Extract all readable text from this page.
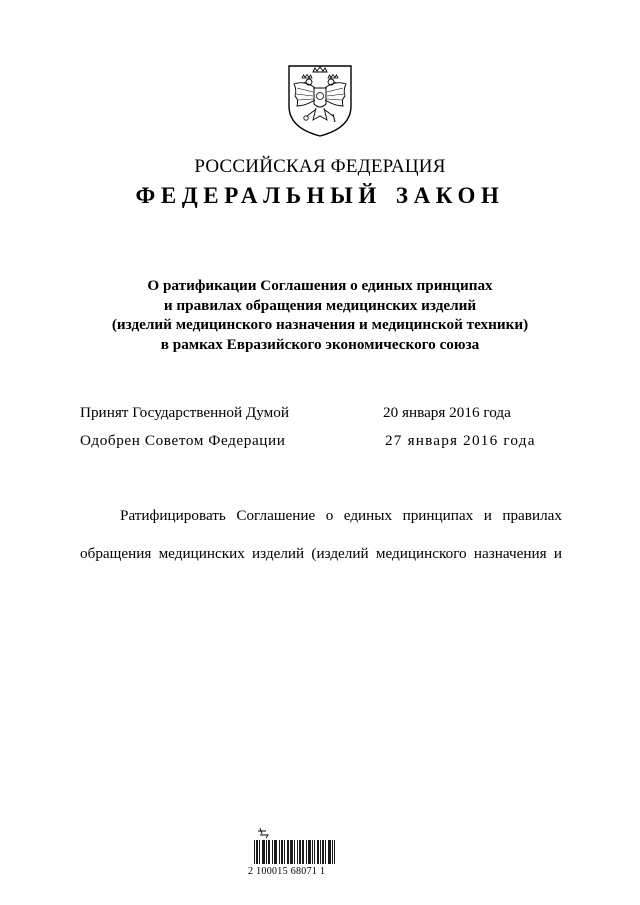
РОССИЙСКАЯ ФЕДЕРАЦИЯ
ФЕДЕРАЛЬНЫЙ ЗАКОН
О ратификации Соглашения о единых принципах
и правилах обращения медицинских изделий
(изделий медицинского назначения и медицинской техники)
в рамках Евразийского экономического союза
Принят Государственной Думой	20 января 2016 года
Одобрен Советом Федерации	27 января 2016 года
Ратифицировать Соглашение о единых принципах и правилах
обращения медицинских изделий (изделий медицинского назначения и
2 100015 68071 1
